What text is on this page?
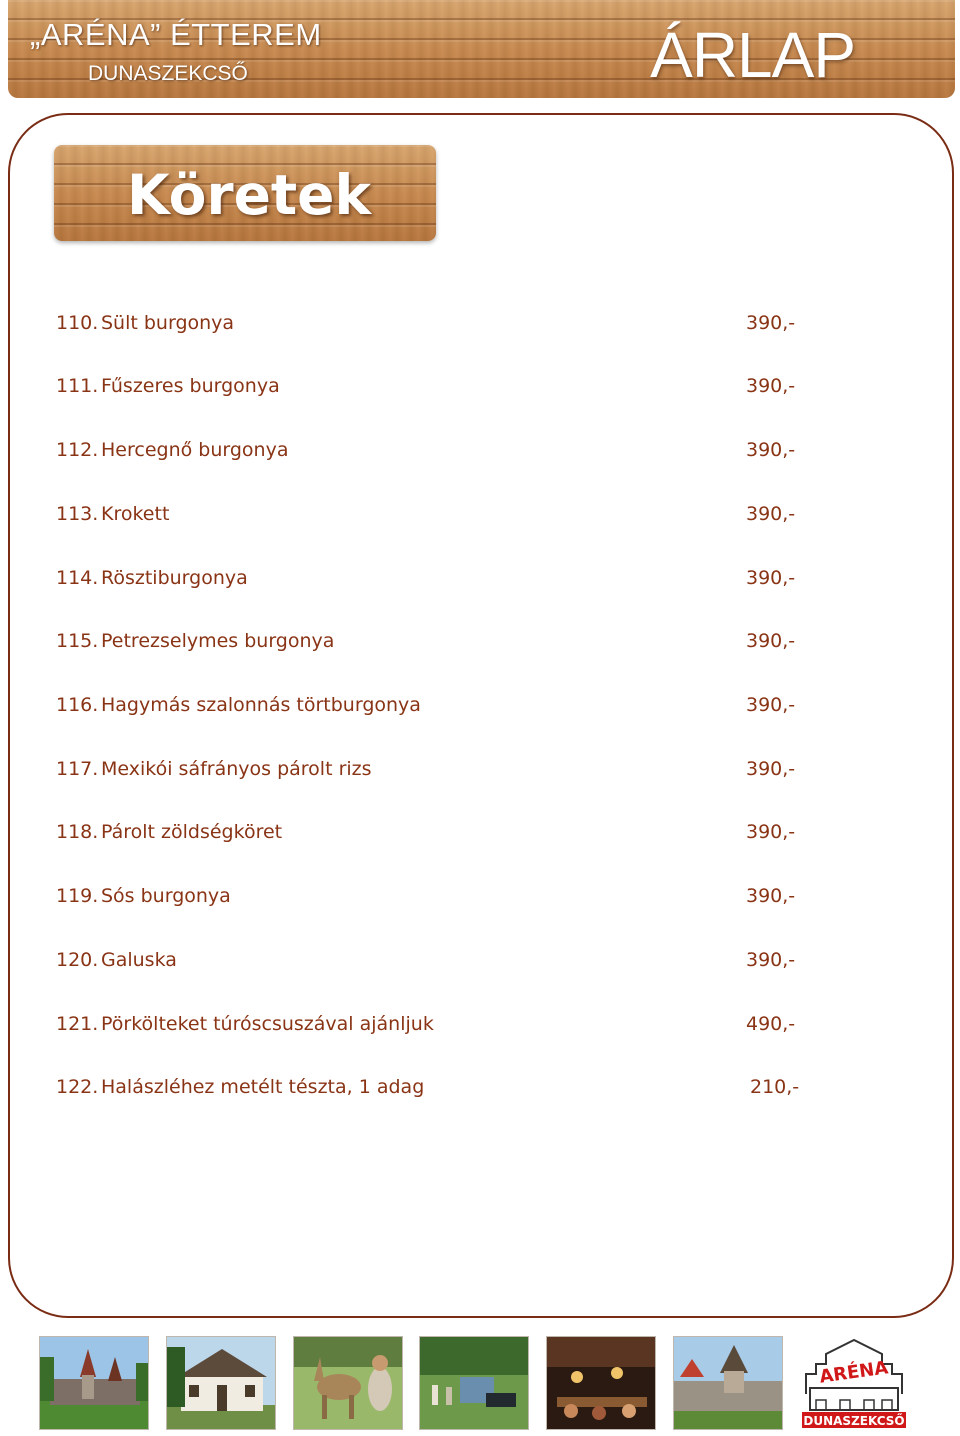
„ARÉNA” ÉTTEREM
DUNASZEKCSŐ	ÁRLAP
Köretek
110. Sült burgonya	390,-
111. Fűszeres burgonya	390,-
112. Hercegnő burgonya	390,-
113. Krokett	390,-
114. Rösztiburgonya	390,-
115. Petrezselymes burgonya	390,-
116. Hagymás szalonnás törtburgonya	390,-
117. Mexikói sáfrányos párolt rizs	390,-
118. Párolt zöldségköret	390,-
119. Sós burgonya	390,-
120. Galuska	390,-
121. Pörkölteket túróscsuszával ajánljuk	490,-
122. Halászléhez metélt tészta, 1 adag	210,-
ARÉNA
DUNASZEKCSŐ
